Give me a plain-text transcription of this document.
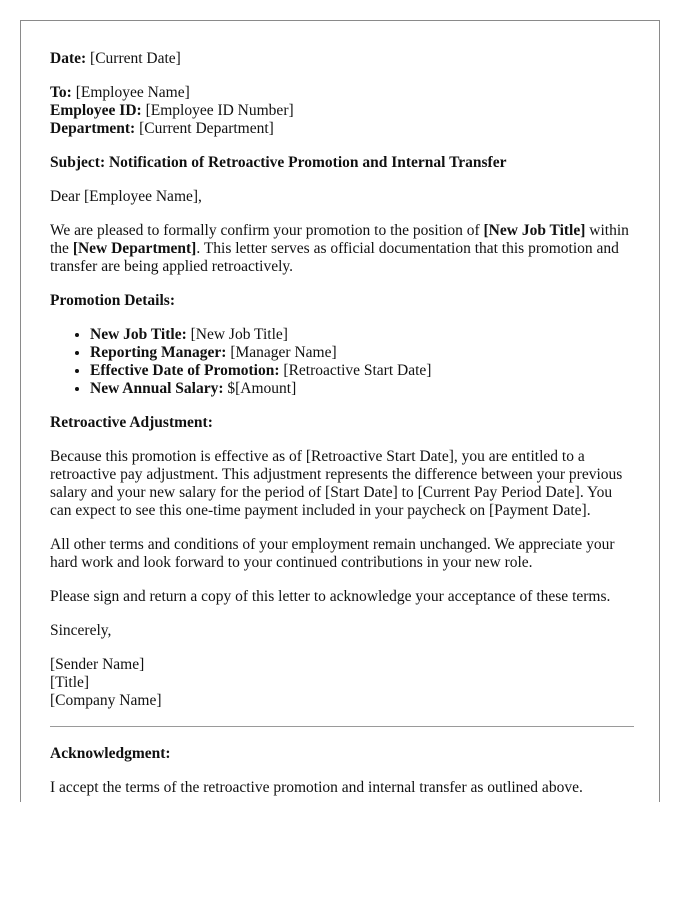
Date: [Current Date]

To: [Employee Name]

Employee ID: [Employee ID Number]

Department: [Current Department]

Subject: Notification of Retroactive Promotion and Internal Transfer

Dear [Employee Name],

We are pleased to formally confirm your promotion to the position of [New Job Title] within the [New Department]. This letter serves as official documentation that this promotion and transfer are being applied retroactively.

Promotion Details:

• New Job Title: [New Job Title]
• Reporting Manager: [Manager Name]
• Effective Date of Promotion: [Retroactive Start Date]
• New Annual Salary: $[Amount]

Retroactive Adjustment:

Because this promotion is effective as of [Retroactive Start Date], you are entitled to a retroactive pay adjustment. This adjustment represents the difference between your previous salary and your new salary for the period of [Start Date] to [Current Pay Period Date]. You can expect to see this one-time payment included in your paycheck on [Payment Date].

All other terms and conditions of your employment remain unchanged. We appreciate your hard work and look forward to your continued contributions in your new role.

Please sign and return a copy of this letter to acknowledge your acceptance of these terms.

Sincerely,

[Sender Name]

[Title]

[Company Name]

Acknowledgment:

I accept the terms of the retroactive promotion and internal transfer as outlined above.
